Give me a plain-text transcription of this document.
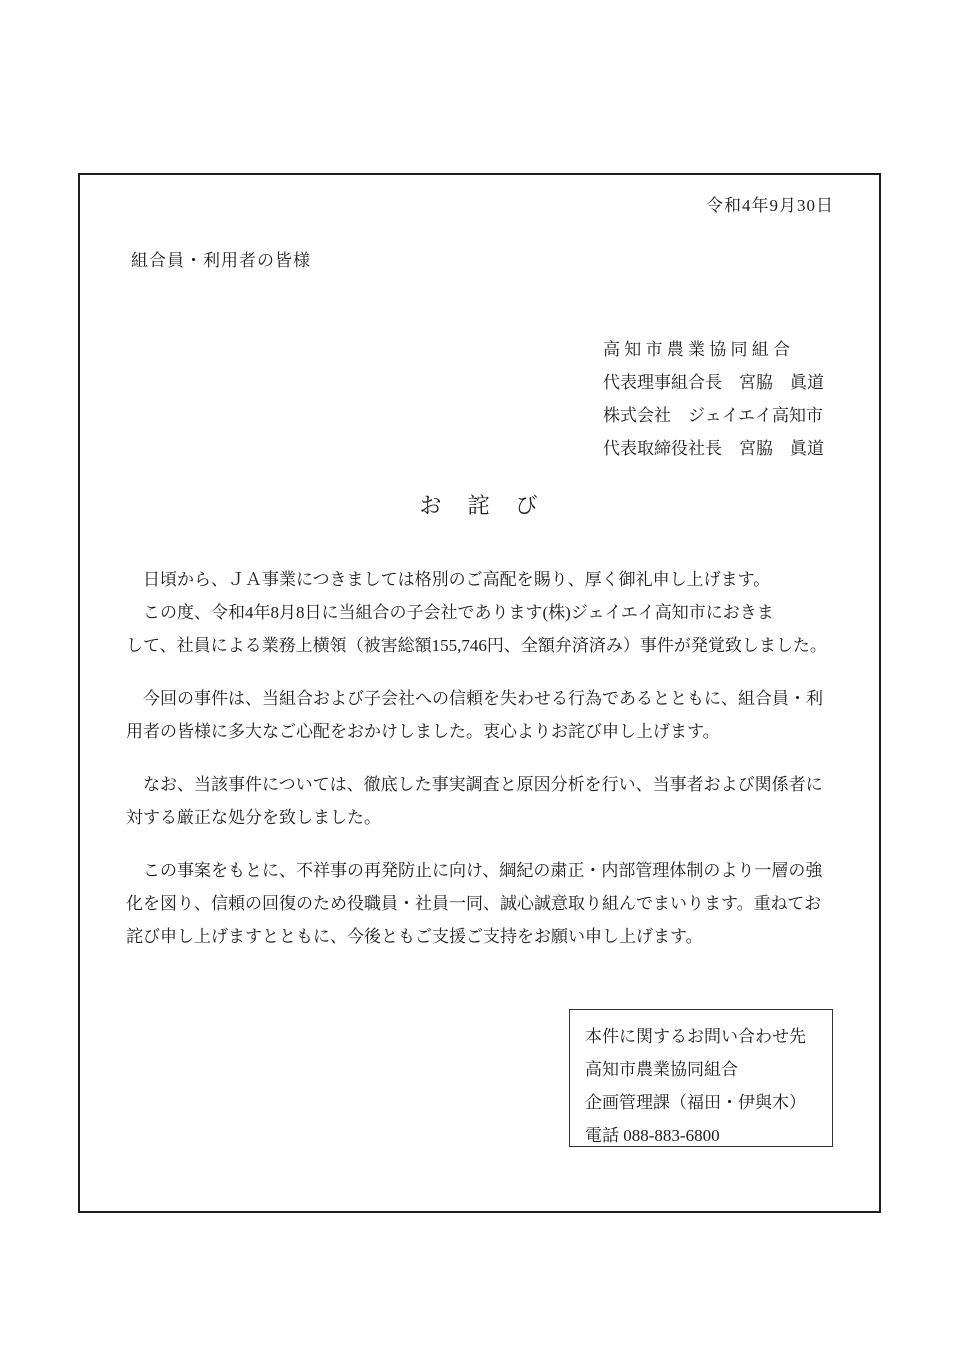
令和4年9月30日
組合員・利用者の皆様
高 知 市 農 業 協 同 組 合
代表理事組合長　宮脇　眞道
株式会社　ジェイエイ高知市
代表取締役社長　宮脇　眞道
お　詫　び

　日頃から、ＪＡ事業につきましては格別のご高配を賜り、厚く御礼申し上げます。
　この度、令和4年8月8日に当組合の子会社であります(株)ジェイエイ高知市におきま
して、社員による業務上横領（被害総額155,746円、全額弁済済み）事件が発覚致しました。

　今回の事件は、当組合および子会社への信頼を失わせる行為であるとともに、組合員・利
用者の皆様に多大なご心配をおかけしました。衷心よりお詫び申し上げます。

　なお、当該事件については、徹底した事実調査と原因分析を行い、当事者および関係者に
対する厳正な処分を致しました。

　この事案をもとに、不祥事の再発防止に向け、綱紀の粛正・内部管理体制のより一層の強
化を図り、信頼の回復のため役職員・社員一同、誠心誠意取り組んでまいります。重ねてお
詫び申し上げますとともに、今後ともご支援ご支持をお願い申し上げます。

本件に関するお問い合わせ先
高知市農業協同組合
企画管理課（福田・伊與木）
電話 088-883-6800
